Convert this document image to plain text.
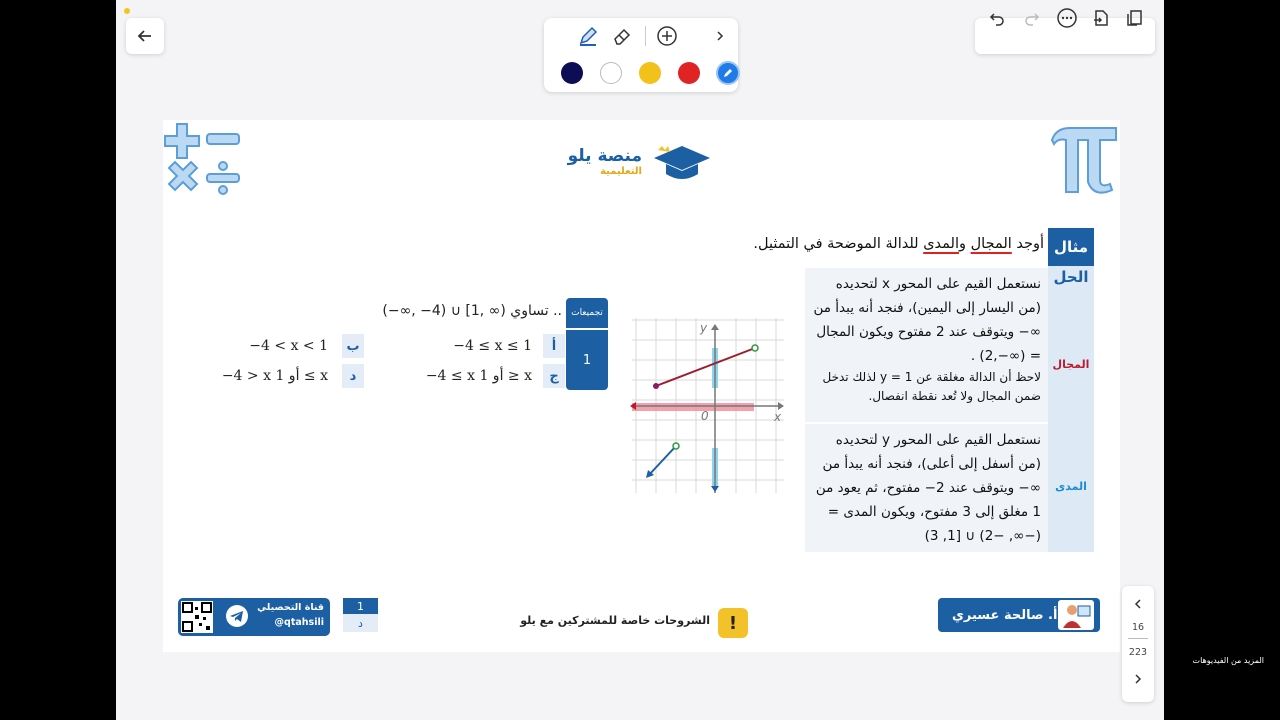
منصة يلو
التعليمية
مثال
أوجد المجال والمدى للدالة الموضحة في التمثيل.
الحل
المجال
المدى
نستعمل القيم على المحور x لتحديده (من اليسار إلى اليمين)، فنجد أنه يبدأ من ∞− ويتوقف عند 2 مفتوح ويكون المجال = (∞−,2) .
لاحظ أن الدالة مغلقة عن 1 = y لذلك تدخل ضمن المجال ولا تُعد نقطة انفصال.
نستعمل القيم على المحور y لتحديده (من أسفل إلى أعلى)، فنجد أنه يبدأ من ∞− ويتوقف عند 2− مفتوح، ثم يعود من 1 مغلق إلى 3 مفتوح، ويكون المدى = (−∞, −2) ∪ [1, 3)
x
y
0
تجميعات
1
(−∞, −4) ∪ [1, ∞) تساوي ..
أ
−4 ≤ x ≤ 1
ب
−4 < x < 1
ج
−4 ≤ x أو 1 ≥ x
د
−4 > x أو 1 ≤ x
أ. صالحة عسيري
!
الشروحات خاصة للمشتركين مع يلو
1
د
قناة التحصيلي
@qtahsili	16
223
المزيد من الفيديوهات
